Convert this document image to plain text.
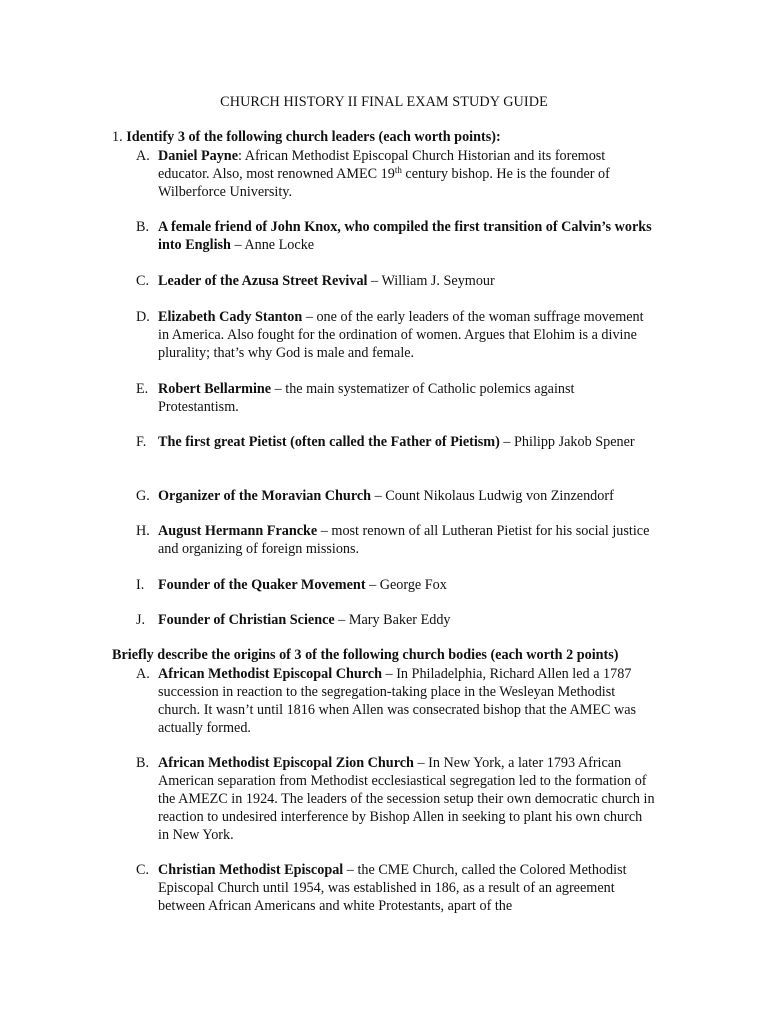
CHURCH HISTORY II FINAL EXAM STUDY GUIDE
1. Identify 3 of the following church leaders (each worth points):
A. Daniel Payne: African Methodist Episcopal Church Historian and its foremost educator. Also, most renowned AMEC 19th century bishop. He is the founder of Wilberforce University.
B. A female friend of John Knox, who compiled the first transition of Calvin’s works into English – Anne Locke
C. Leader of the Azusa Street Revival – William J. Seymour
D. Elizabeth Cady Stanton – one of the early leaders of the woman suffrage movement in America. Also fought for the ordination of women. Argues that Elohim is a divine plurality; that’s why God is male and female.
E. Robert Bellarmine – the main systematizer of Catholic polemics against Protestantism.
F. The first great Pietist (often called the Father of Pietism) – Philipp Jakob Spener
G. Organizer of the Moravian Church – Count Nikolaus Ludwig von Zinzendorf
H. August Hermann Francke – most renown of all Lutheran Pietist for his social justice and organizing of foreign missions.
I. Founder of the Quaker Movement – George Fox
J. Founder of Christian Science – Mary Baker Eddy
Briefly describe the origins of 3 of the following church bodies (each worth 2 points)
A. African Methodist Episcopal Church – In Philadelphia, Richard Allen led a 1787 succession in reaction to the segregation-taking place in the Wesleyan Methodist church. It wasn’t until 1816 when Allen was consecrated bishop that the AMEC was actually formed.
B. African Methodist Episcopal Zion Church – In New York, a later 1793 African American separation from Methodist ecclesiastical segregation led to the formation of the AMEZC in 1924. The leaders of the secession setup their own democratic church in reaction to undesired interference by Bishop Allen in seeking to plant his own church in New York.
C. Christian Methodist Episcopal – the CME Church, called the Colored Methodist Episcopal Church until 1954, was established in 186, as a result of an agreement between African Americans and white Protestants, apart of the
